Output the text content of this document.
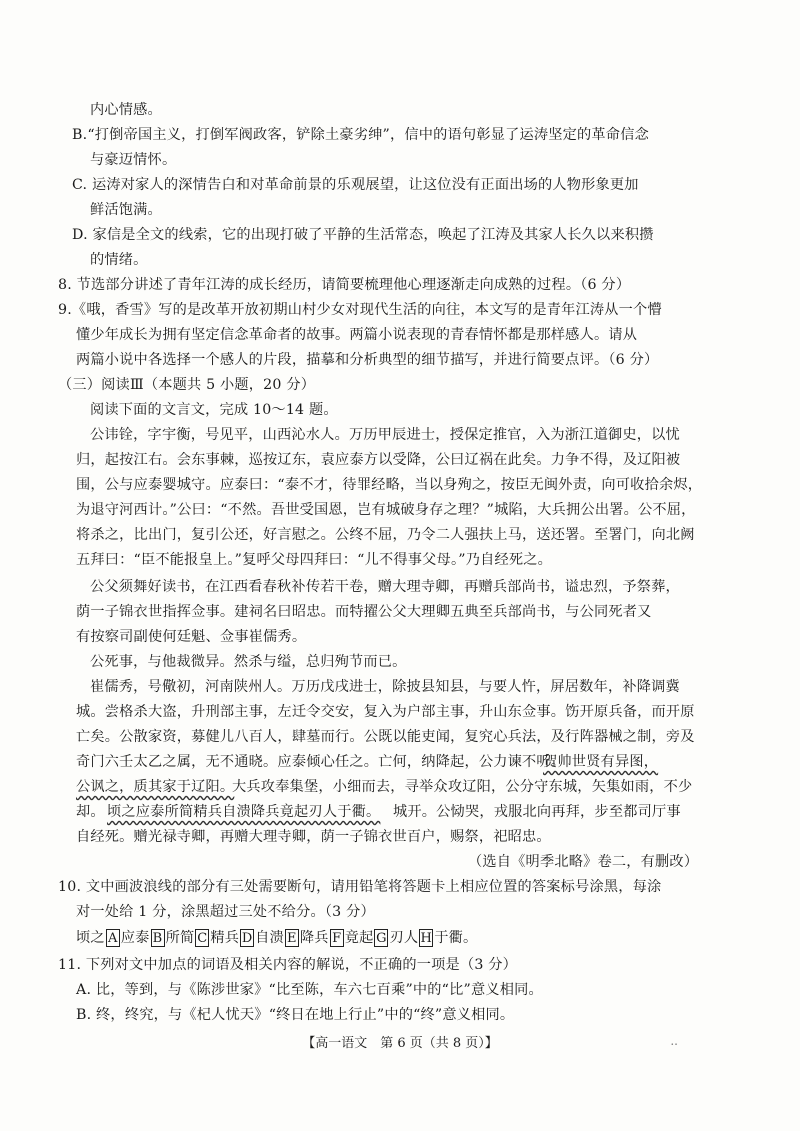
内心情感。
B.“打倒帝国主义，打倒军阀政客，铲除土豪劣绅”，信中的语句彰显了运涛坚定的革命信念
与豪迈情怀。
C. 运涛对家人的深情告白和对革命前景的乐观展望，让这位没有正面出场的人物形象更加
鲜活饱满。
D. 家信是全文的线索，它的出现打破了平静的生活常态，唤起了江涛及其家人长久以来积攒
的情绪。
8. 节选部分讲述了青年江涛的成长经历，请简要梳理他心理逐渐走向成熟的过程。（6 分）
9.《哦，香雪》写的是改革开放初期山村少女对现代生活的向往，本文写的是青年江涛从一个懵
懂少年成长为拥有坚定信念革命者的故事。两篇小说表现的青春情怀都是那样感人。请从
两篇小说中各选择一个感人的片段，描摹和分析典型的细节描写，并进行简要点评。（6 分）
（三）阅读Ⅲ（本题共 5 小题，20 分）
阅读下面的文言文，完成 10～14 题。
公讳铨，字宇衡，号见平，山西沁水人。万历甲辰进士，授保定推官，入为浙江道御史，以忧
归，起按江右。会东事棘，巡按辽东，袁应泰方以受降，公曰辽祸在此矣。力争不得，及辽阳被
围，公与应泰婴城守。应泰曰：“泰不才，待罪经略，当以身殉之，按臣无闽外责，向可收拾余烬，
为退守河西计。”公曰：“不然。吾世受国恩，岂有城破身存之理？”城陷，大兵拥公出署。公不屈，
将杀之，比出门，复引公还，好言慰之。公终不屈，乃令二人强扶上马，送还署。至署门，向北阙
五拜曰：“臣不能报皇上。”复呼父母四拜曰：“儿不得事父母。”乃自经死之。
公父须舞好读书，在江西看春秋补传若干卷，赠大理寺卿，再赠兵部尚书，谥忠烈，予祭葬，
荫一子锦衣世指挥佥事。建祠名曰昭忠。而特擢公父大理卿五典至兵部尚书，与公同死者又
有按察司副使何廷魁、佥事崔儒秀。
公死事，与他裁微异。然杀与缢，总归殉节而已。
崔儒秀，号儆初，河南陕州人。万历戊戌进士，除披县知县，与要人忤，屏居数年，补降调冀
城。尝格杀大盗，升刑部主事，左迁令交安，复入为户部主事，升山东佥事。饬开原兵备，而开原
亡矣。公散家资，募健儿八百人，肆墓而行。公既以能吏闻，复究心兵法，及行阵器械之制，旁及
奇门六壬太乙之属，无不通晓。应泰倾心任之。亡何，纳降起，公力谏不听。
贺帅世贤有异图，
公讽之，质其家于辽阳。
大兵攻奉集堡，小细而去，寻举众攻辽阳，公分守东城，矢集如雨，不少
却。 顷之应泰所简精兵自溃降兵竟起刃人于衢。 城开。公恸哭，戎服北向再拜，步至都司厅事
自经死。赠光禄寺卿，再赠大理寺卿，荫一子锦衣世百户，赐祭，祀昭忠。
（选自《明季北略》卷二，有删改）
10. 文中画波浪线的部分有三处需要断句，请用铅笔将答题卡上相应位置的答案标号涂黑，每涂
对一处给 1 分，涂黑超过三处不给分。（3 分）
顷之 A 应泰 B 所简 C 精兵 D 自溃 E 降兵 F 竟起 G 刃人 H 于衢。
11. 下列对文中加点的词语及相关内容的解说，不正确的一项是（3 分）
A. 比，等到，与《陈涉世家》“比至陈，车六七百乘”中的“比”意义相同。
B. 终，终究，与《杞人忧天》“终日在地上行止”中的“终”意义相同。
【高一语文　第 6 页（共 8 页）】	..
